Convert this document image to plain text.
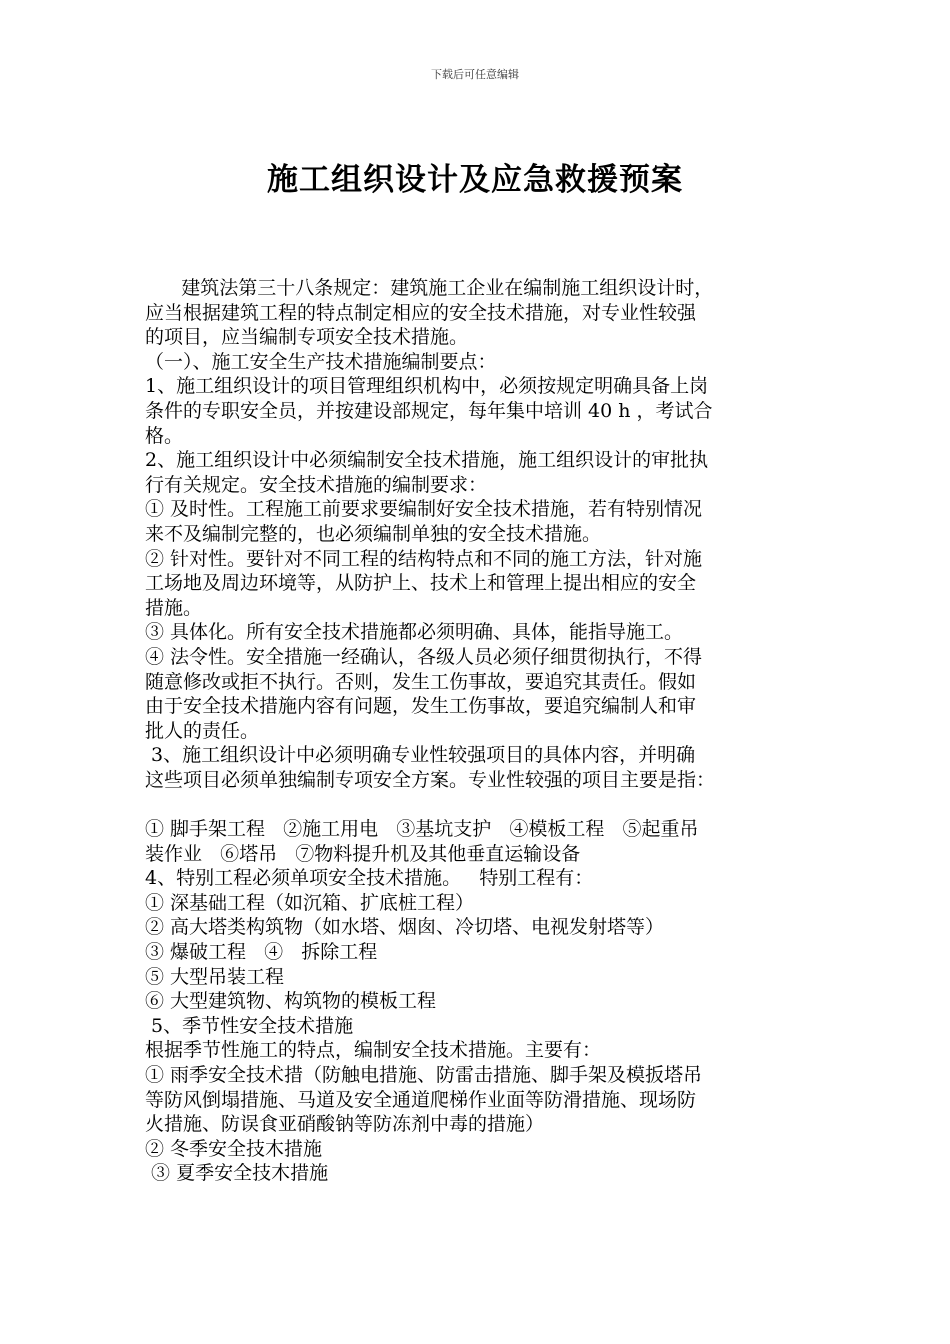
下载后可任意编辑
施工组织设计及应急救援预案
建筑法第三十八条规定：建筑施工企业在编制施工组织设计时，
应当根据建筑工程的特点制定相应的安全技术措施，对专业性较强
的项目，应当编制专项安全技术措施。
（一）、施工安全生产技术措施编制要点：
1、施工组织设计的项目管理组织机构中，必须按规定明确具备上岗
条件的专职安全员，并按建设部规定，每年集中培训 40 h ，考试合
格。
2、施工组织设计中必须编制安全技术措施，施工组织设计的审批执
行有关规定。安全技术措施的编制要求：
① 及时性。工程施工前要求要编制好安全技术措施，若有特别情况
来不及编制完整的，也必须编制单独的安全技术措施。
② 针对性。要针对不同工程的结构特点和不同的施工方法，针对施
工场地及周边环境等，从防护上、技术上和管理上提出相应的安全
措施。
③ 具体化。所有安全技术措施都必须明确、具体，能指导施工。
④ 法令性。安全措施一经确认，各级人员必须仔细贯彻执行，不得
随意修改或拒不执行。否则，发生工伤事故，要追究其责任。假如
由于安全技术措施内容有问题，发生工伤事故，要追究编制人和审
批人的责任。
3、施工组织设计中必须明确专业性较强项目的具体内容，并明确
这些项目必须单独编制专项安全方案。专业性较强的项目主要是指：
① 脚手架工程   ②施工用电   ③基坑支护   ④模板工程   ⑤起重吊
装作业   ⑥塔吊   ⑦物料提升机及其他垂直运输设备
4、特别工程必须单项安全技术措施。   特别工程有：
① 深基础工程（如沉箱、扩底桩工程）
② 高大塔类构筑物（如水塔、烟囱、冷切塔、电视发射塔等）
③ 爆破工程   ④   拆除工程
⑤ 大型吊装工程
⑥ 大型建筑物、构筑物的模板工程
5、季节性安全技术措施
根据季节性施工的特点，编制安全技术措施。主要有：
① 雨季安全技术措（防触电措施、防雷击措施、脚手架及模扳塔吊
等防风倒塌措施、马道及安全通道爬梯作业面等防滑措施、现场防
火措施、防误食亚硝酸钠等防冻剂中毒的措施）
② 冬季安全技木措施
③ 夏季安全技木措施
